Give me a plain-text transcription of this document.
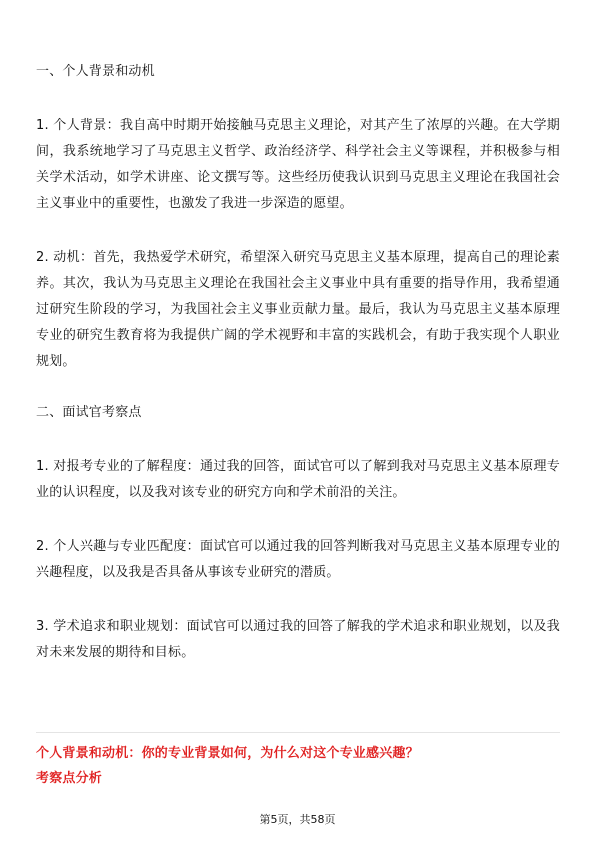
一、个人背景和动机
1. 个人背景：我自高中时期开始接触马克思主义理论，对其产生了浓厚的兴趣。在大学期间，我系统地学习了马克思主义哲学、政治经济学、科学社会主义等课程，并积极参与相关学术活动，如学术讲座、论文撰写等。这些经历使我认识到马克思主义理论在我国社会主义事业中的重要性，也激发了我进一步深造的愿望。
2. 动机：首先，我热爱学术研究，希望深入研究马克思主义基本原理，提高自己的理论素养。其次，我认为马克思主义理论在我国社会主义事业中具有重要的指导作用，我希望通过研究生阶段的学习，为我国社会主义事业贡献力量。最后，我认为马克思主义基本原理专业的研究生教育将为我提供广阔的学术视野和丰富的实践机会，有助于我实现个人职业规划。
二、面试官考察点
1. 对报考专业的了解程度：通过我的回答，面试官可以了解到我对马克思主义基本原理专业的认识程度，以及我对该专业的研究方向和学术前沿的关注。
2. 个人兴趣与专业匹配度：面试官可以通过我的回答判断我对马克思主义基本原理专业的兴趣程度，以及我是否具备从事该专业研究的潜质。
3. 学术追求和职业规划：面试官可以通过我的回答了解我的学术追求和职业规划，以及我对未来发展的期待和目标。
个人背景和动机：你的专业背景如何，为什么对这个专业感兴趣？
考察点分析
第5页，共58页
